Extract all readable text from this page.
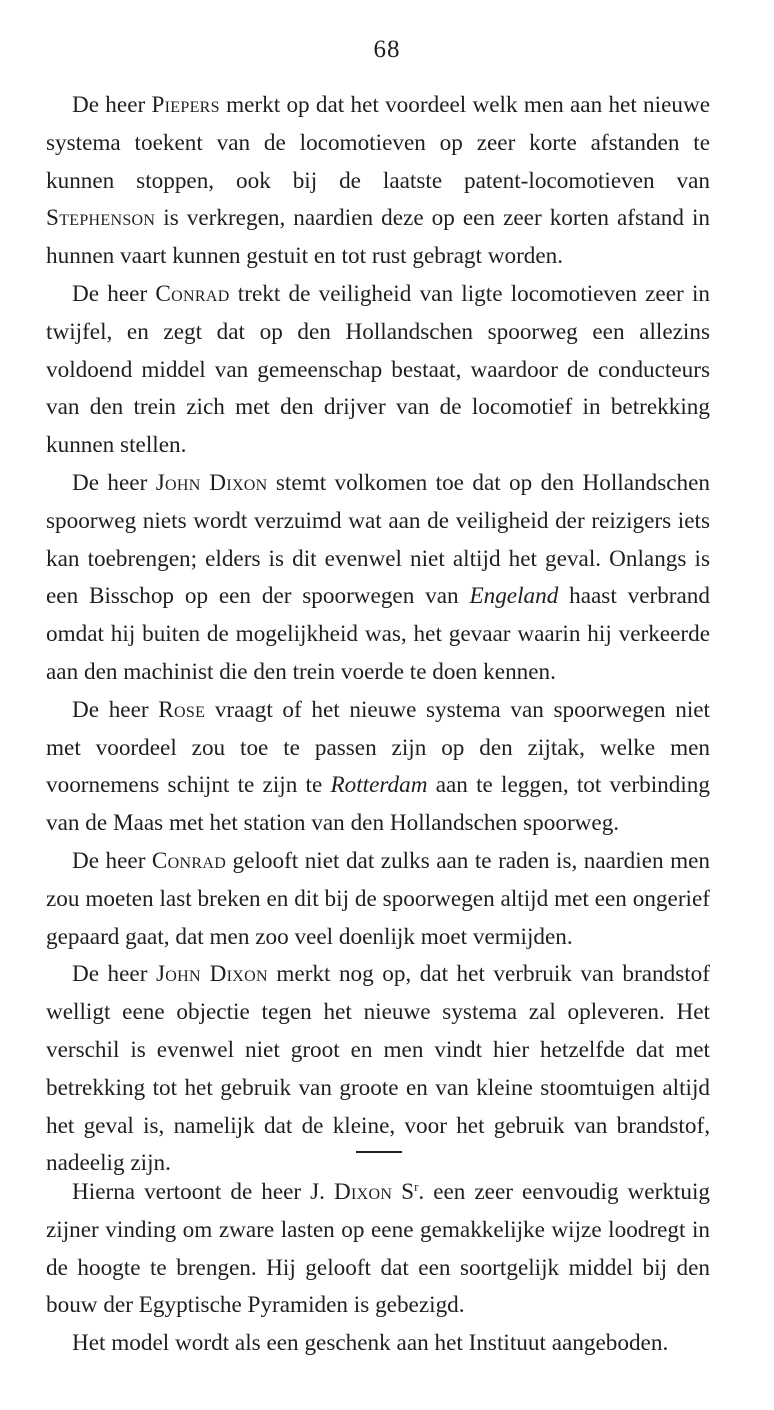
68

De heer Piepers merkt op dat het voordeel welk men aan het nieuwe systema toekent van de locomotieven op zeer korte afstanden te kunnen stoppen, ook bij de laatste patent-locomotieven van Stephenson is verkregen, naardien deze op een zeer korten afstand in hunnen vaart kunnen gestuit en tot rust gebragt worden.

De heer Conrad trekt de veiligheid van ligte locomotieven zeer in twijfel, en zegt dat op den Hollandschen spoorweg een allezins voldoend middel van gemeenschap bestaat, waardoor de conducteurs van den trein zich met den drijver van de locomotief in betrekking kunnen stellen.

De heer John Dixon stemt volkomen toe dat op den Hollandschen spoorweg niets wordt verzuimd wat aan de veiligheid der reizigers iets kan toebrengen; elders is dit evenwel niet altijd het geval. Onlangs is een Bisschop op een der spoorwegen van Engeland haast verbrand omdat hij buiten de mogelijkheid was, het gevaar waarin hij verkeerde aan den machinist die den trein voerde te doen kennen.

De heer Rose vraagt of het nieuwe systema van spoorwegen niet met voordeel zou toe te passen zijn op den zijtak, welke men voornemens schijnt te zijn te Rotterdam aan te leggen, tot verbinding van de Maas met het station van den Hollandschen spoorweg.

De heer Conrad gelooft niet dat zulks aan te raden is, naardien men zou moeten last breken en dit bij de spoorwegen altijd met een ongerief gepaard gaat, dat men zoo veel doenlijk moet vermijden.

De heer John Dixon merkt nog op, dat het verbruik van brandstof welligt eene objectie tegen het nieuwe systema zal opleveren. Het verschil is evenwel niet groot en men vindt hier hetzelfde dat met betrekking tot het gebruik van groote en van kleine stoomtuigen altijd het geval is, namelijk dat de kleine, voor het gebruik van brandstof, nadeelig zijn.

Hierna vertoont de heer J. Dixon $S^r$. een zeer eenvoudig werktuig zijner vinding om zware lasten op eene gemakkelijke wijze loodregt in de hoogte te brengen. Hij gelooft dat een soortgelijk middel bij den bouw der Egyptische Pyramiden is gebezigd.

Het model wordt als een geschenk aan het Instituut aangeboden.
